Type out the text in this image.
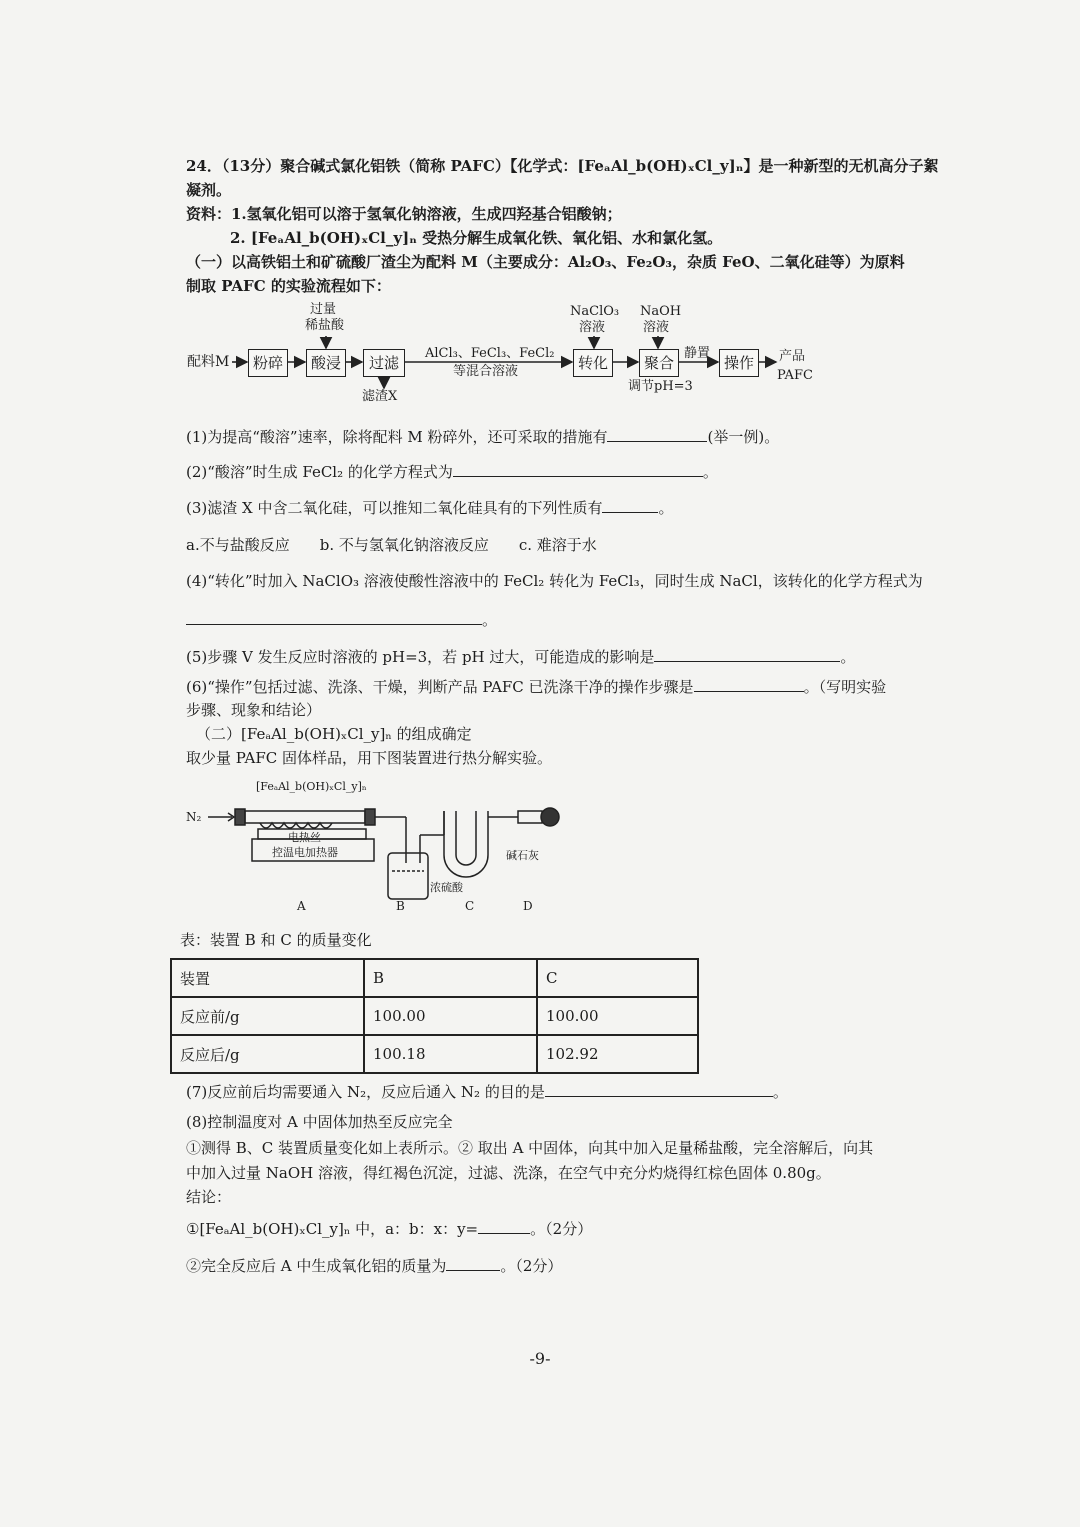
24．（13分）聚合碱式氯化铝铁（简称 PAFC）【化学式：[FeₐAl_b(OH)ₓCl_y]ₙ】是一种新型的无机高分子絮
凝剂。
资料：1.氢氧化铝可以溶于氢氧化钠溶液，生成四羟基合铝酸钠；
2. [FeₐAl_b(OH)ₓCl_y]ₙ 受热分解生成氧化铁、氧化铝、水和氯化氢。
（一）以高铁铝土和矿硫酸厂渣尘为配料 M（主要成分：Al₂O₃、Fe₂O₃，杂质 FeO、二氧化硅等）为原料
制取 PAFC 的实验流程如下：
配料M	粉碎	酸浸	过滤	转化	聚合	操作
过量
稀盐酸
滤渣X
AlCl₃、FeCl₃、FeCl₂
等混合溶液
NaClO₃
溶液
NaOH
溶液
调节pH=3
静置	产品
PAFC
(1)为提高“酸溶”速率，除将配料 M 粉碎外，还可采取的措施有	(举一例)。
(2)“酸溶”时生成 FeCl₂ 的化学方程式为	。
(3)滤渣 X 中含二氧化硅，可以推知二氧化硅具有的下列性质有	。
a.不与盐酸反应　　b. 不与氢氧化钠溶液反应　　c. 难溶于水
(4)“转化”时加入 NaClO₃ 溶液使酸性溶液中的 FeCl₂ 转化为 FeCl₃，同时生成 NaCl，该转化的化学方程式为
。
(5)步骤 V 发生反应时溶液的 pH=3，若 pH 过大，可能造成的影响是	。
(6)“操作”包括过滤、洗涤、干燥，判断产品 PAFC 已洗涤干净的操作步骤是	。（写明实验
步骤、现象和结论）
（二）[FeₐAl_b(OH)ₓCl_y]ₙ 的组成确定
取少量 PAFC 固体样品，用下图装置进行热分解实验。
[FeₐAl_b(OH)ₓCl_y]ₙ
N₂
电热丝
控温电加热器
浓硫酸
碱石灰
A	B	C	D
表：装置 B 和 C 的质量变化
装置	B	C
反应前/g	100.00	100.00
反应后/g	100.18	102.92
(7)反应前后均需要通入 N₂，反应后通入 N₂ 的目的是	。
(8)控制温度对 A 中固体加热至反应完全
①测得 B、C 装置质量变化如上表所示。② 取出 A 中固体，向其中加入足量稀盐酸，完全溶解后，向其
中加入过量 NaOH 溶液，得红褐色沉淀，过滤、洗涤，在空气中充分灼烧得红棕色固体 0.80g。
结论：
①[FeₐAl_b(OH)ₓCl_y]ₙ 中，a：b：x：y=	。（2分）
②完全反应后 A 中生成氧化铝的质量为	。（2分）
-9-
